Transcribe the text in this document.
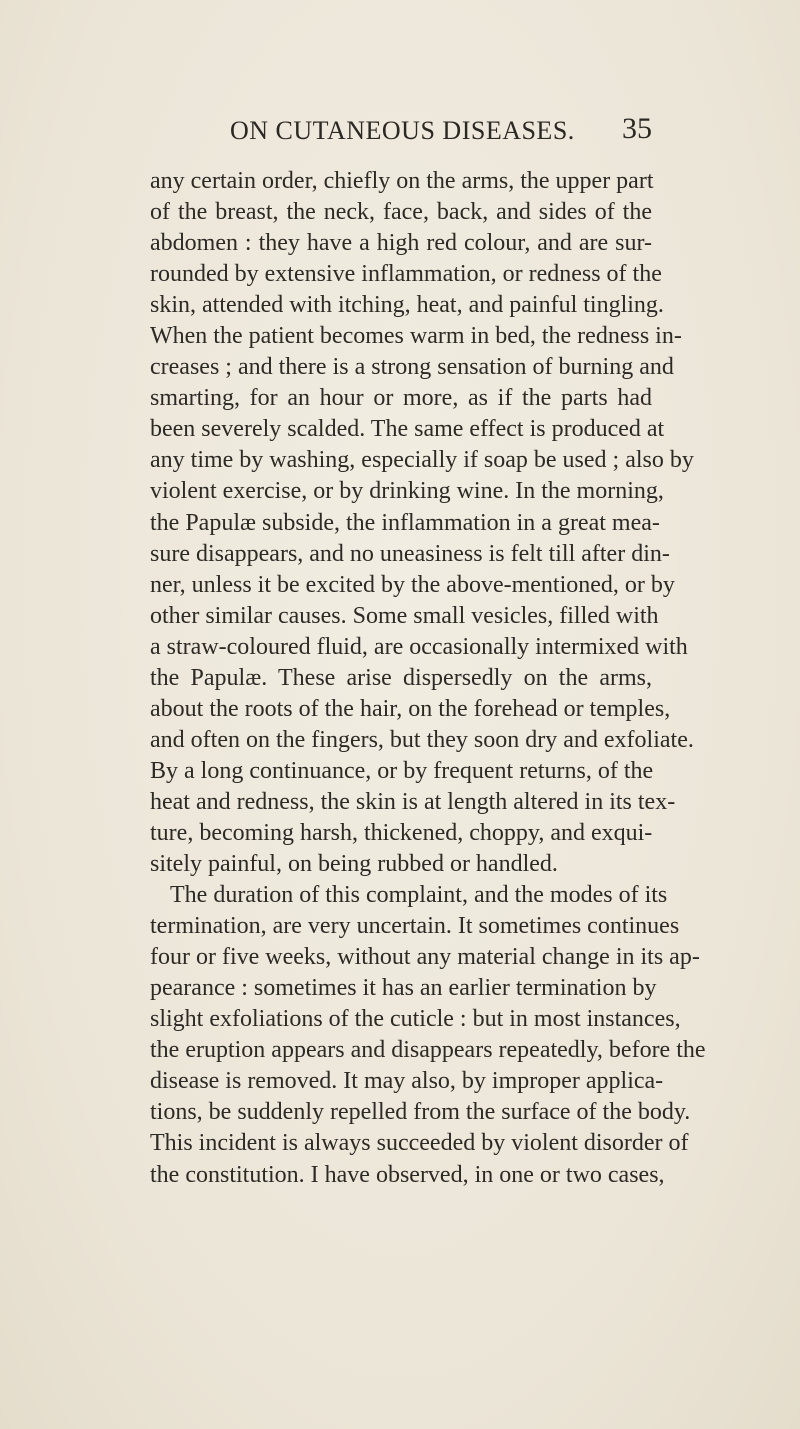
ON CUTANEOUS DISEASES. 35
any certain order, chiefly on the arms, the upper part
of the breast, the neck, face, back, and sides of the
abdomen : they have a high red colour, and are sur-
rounded by extensive inflammation, or redness of the
skin, attended with itching, heat, and painful tingling.
When the patient becomes warm in bed, the redness in-
creases ; and there is a strong sensation of burning and
smarting, for an hour or more, as if the parts had
been severely scalded. The same effect is produced at
any time by washing, especially if soap be used ; also by
violent exercise, or by drinking wine. In the morning,
the Papulæ subside, the inflammation in a great mea-
sure disappears, and no uneasiness is felt till after din-
ner, unless it be excited by the above-mentioned, or by
other similar causes. Some small vesicles, filled with
a straw-coloured fluid, are occasionally intermixed with
the Papulæ. These arise dispersedly on the arms,
about the roots of the hair, on the forehead or temples,
and often on the fingers, but they soon dry and exfoliate.
By a long continuance, or by frequent returns, of the
heat and redness, the skin is at length altered in its tex-
ture, becoming harsh, thickened, choppy, and exqui-
sitely painful, on being rubbed or handled.
The duration of this complaint, and the modes of its
termination, are very uncertain. It sometimes continues
four or five weeks, without any material change in its ap-
pearance : sometimes it has an earlier termination by
slight exfoliations of the cuticle : but in most instances,
the eruption appears and disappears repeatedly, before the
disease is removed. It may also, by improper applica-
tions, be suddenly repelled from the surface of the body.
This incident is always succeeded by violent disorder of
the constitution. I have observed, in one or two cases,
